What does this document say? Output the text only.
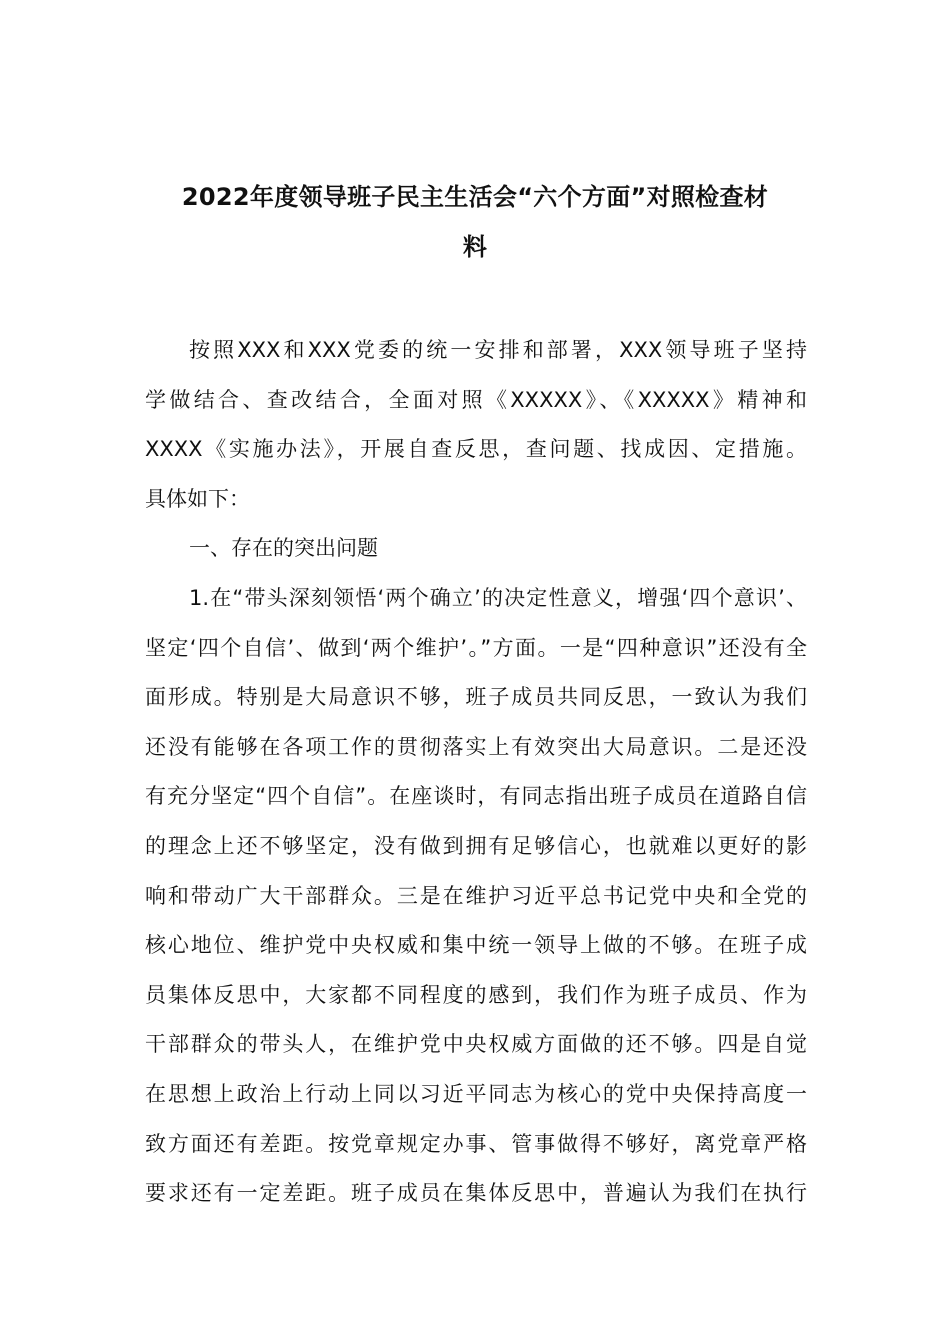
2022年度领导班子民主生活会“六个方面”对照检查材
料
按照XXX和XXX党委的统一安排和部署，XXX领导班子坚持
学做结合、查改结合，全面对照《XXXXX》、《XXXXX》精神和
XXXX《实施办法》，开展自查反思，查问题、找成因、定措施。
具体如下：
一、存在的突出问题
1.在“带头深刻领悟‘两个确立’的决定性意义，增强‘四个意识’、
坚定‘四个自信’、做到‘两个维护’。”方面。一是“四种意识”还没有全
面形成。特别是大局意识不够，班子成员共同反思，一致认为我们
还没有能够在各项工作的贯彻落实上有效突出大局意识。二是还没
有充分坚定“四个自信”。在座谈时，有同志指出班子成员在道路自信
的理念上还不够坚定，没有做到拥有足够信心，也就难以更好的影
响和带动广大干部群众。三是在维护习近平总书记党中央和全党的
核心地位、维护党中央权威和集中统一领导上做的不够。在班子成
员集体反思中，大家都不同程度的感到，我们作为班子成员、作为
干部群众的带头人，在维护党中央权威方面做的还不够。四是自觉
在思想上政治上行动上同以习近平同志为核心的党中央保持高度一
致方面还有差距。按党章规定办事、管事做得不够好，离党章严格
要求还有一定差距。班子成员在集体反思中，普遍认为我们在执行
